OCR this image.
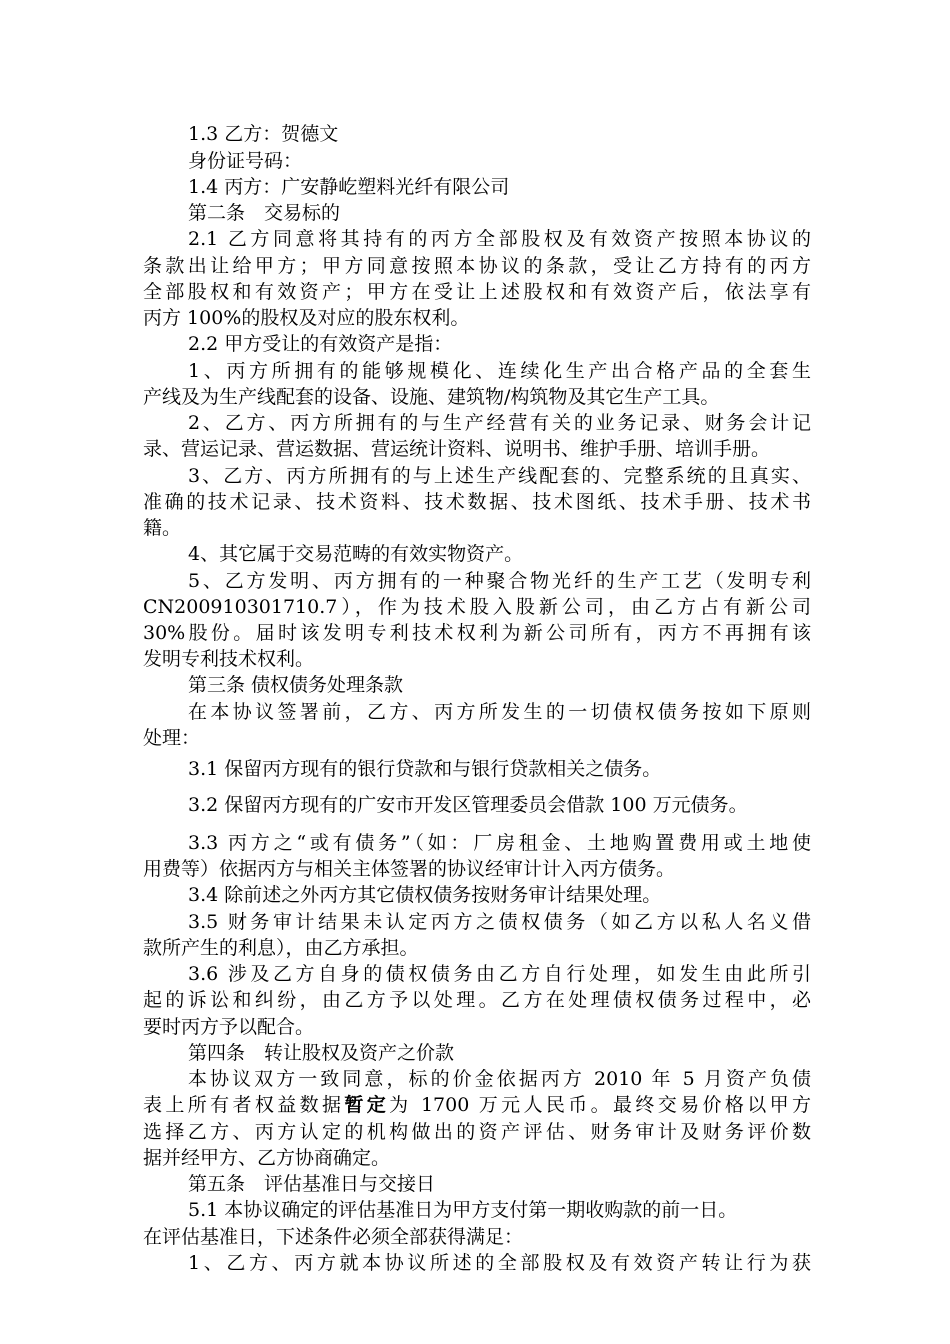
1.3 乙方：贺德文
身份证号码：
1.4 丙方：广安静屹塑料光纤有限公司
第二条　交易标的
2.1 乙方同意将其持有的丙方全部股权及有效资产按照本协议的
条款出让给甲方；甲方同意按照本协议的条款，受让乙方持有的丙方
全部股权和有效资产；甲方在受让上述股权和有效资产后，依法享有
丙方 100%的股权及对应的股东权利。
2.2 甲方受让的有效资产是指：
1、丙方所拥有的能够规模化、连续化生产出合格产品的全套生
产线及为生产线配套的设备、设施、建筑物/构筑物及其它生产工具。
2、乙方、丙方所拥有的与生产经营有关的业务记录、财务会计记
录、营运记录、营运数据、营运统计资料、说明书、维护手册、培训手册。
3、乙方、丙方所拥有的与上述生产线配套的、完整系统的且真实、
准确的技术记录、技术资料、技术数据、技术图纸、技术手册、技术书
籍。
4、其它属于交易范畴的有效实物资产。
5、乙方发明、丙方拥有的一种聚合物光纤的生产工艺（发明专利
CN200910301710.7），作为技术股入股新公司，由乙方占有新公司
30%股份。届时该发明专利技术权利为新公司所有，丙方不再拥有该
发明专利技术权利。
第三条 债权债务处理条款
在本协议签署前，乙方、丙方所发生的一切债权债务按如下原则
处理：
3.1 保留丙方现有的银行贷款和与银行贷款相关之债务。
3.2 保留丙方现有的广安市开发区管理委员会借款 100 万元债务。
3.3 丙方之“或有债务”（如：厂房租金、土地购置费用或土地使
用费等）依据丙方与相关主体签署的协议经审计计入丙方债务。
3.4 除前述之外丙方其它债权债务按财务审计结果处理。
3.5 财务审计结果未认定丙方之债权债务（如乙方以私人名义借
款所产生的利息），由乙方承担。
3.6 涉及乙方自身的债权债务由乙方自行处理，如发生由此所引
起的诉讼和纠纷，由乙方予以处理。乙方在处理债权债务过程中，必
要时丙方予以配合。
第四条　转让股权及资产之价款
本协议双方一致同意，标的价金依据丙方 2010 年 5 月资产负债
表上所有者权益数据暂定为 1700 万元人民币。最终交易价格以甲方
选择乙方、丙方认定的机构做出的资产评估、财务审计及财务评价数
据并经甲方、乙方协商确定。
第五条　评估基准日与交接日
5.1 本协议确定的评估基准日为甲方支付第一期收购款的前一日。
在评估基准日，下述条件必须全部获得满足：
1、乙方、丙方就本协议所述的全部股权及有效资产转让行为获
